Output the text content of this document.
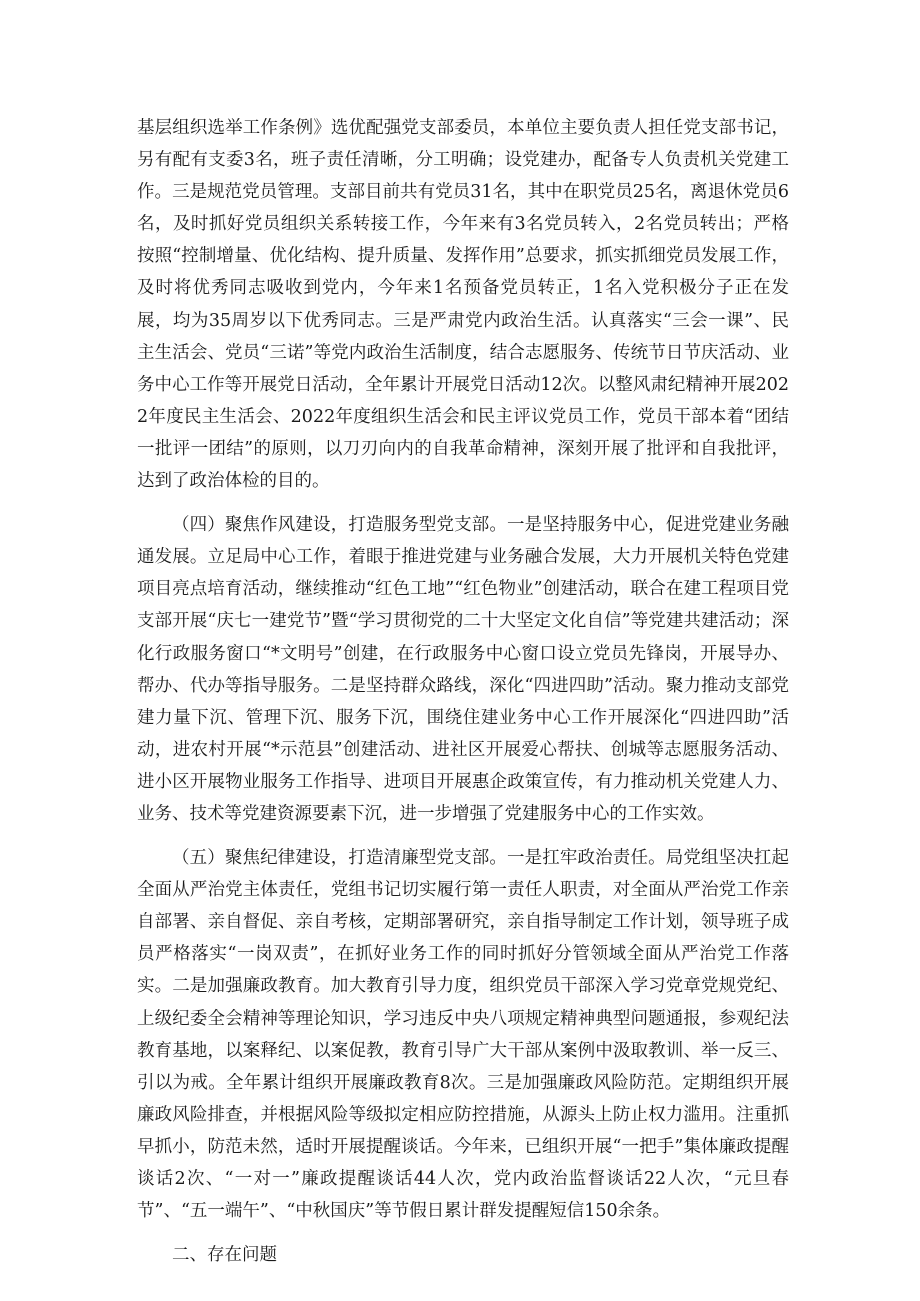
基层组织选举工作条例》选优配强党支部委员，本单位主要负责人担任党支部书记，另有配有支委3名，班子责任清晰，分工明确；设党建办，配备专人负责机关党建工作。三是规范党员管理。支部目前共有党员31名，其中在职党员25名，离退休党员6名，及时抓好党员组织关系转接工作，今年来有3名党员转入，2名党员转出；严格按照“控制增量、优化结构、提升质量、发挥作用”总要求，抓实抓细党员发展工作，及时将优秀同志吸收到党内，今年来1名预备党员转正，1名入党积极分子正在发展，均为35周岁以下优秀同志。三是严肃党内政治生活。认真落实“三会一课”、民主生活会、党员“三诺”等党内政治生活制度，结合志愿服务、传统节日节庆活动、业务中心工作等开展党日活动，全年累计开展党日活动12次。以整风肃纪精神开展2022年度民主生活会、2022年度组织生活会和民主评议党员工作，党员干部本着“团结一批评一团结”的原则，以刀刃向内的自我革命精神，深刻开展了批评和自我批评，达到了政治体检的目的。

（四）聚焦作风建设，打造服务型党支部。一是坚持服务中心，促进党建业务融通发展。立足局中心工作，着眼于推进党建与业务融合发展，大力开展机关特色党建项目亮点培育活动，继续推动“红色工地”“红色物业”创建活动，联合在建工程项目党支部开展“庆七一建党节”暨“学习贯彻党的二十大坚定文化自信”等党建共建活动；深化行政服务窗口“*文明号”创建，在行政服务中心窗口设立党员先锋岗，开展导办、帮办、代办等指导服务。二是坚持群众路线，深化“四进四助”活动。聚力推动支部党建力量下沉、管理下沉、服务下沉，围绕住建业务中心工作开展深化“四进四助”活动，进农村开展“*示范县”创建活动、进社区开展爱心帮扶、创城等志愿服务活动、进小区开展物业服务工作指导、进项目开展惠企政策宣传，有力推动机关党建人力、业务、技术等党建资源要素下沉，进一步增强了党建服务中心的工作实效。

（五）聚焦纪律建设，打造清廉型党支部。一是扛牢政治责任。局党组坚决扛起全面从严治党主体责任，党组书记切实履行第一责任人职责，对全面从严治党工作亲自部署、亲自督促、亲自考核，定期部署研究，亲自指导制定工作计划，领导班子成员严格落实“一岗双责”，在抓好业务工作的同时抓好分管领域全面从严治党工作落实。二是加强廉政教育。加大教育引导力度，组织党员干部深入学习党章党规党纪、上级纪委全会精神等理论知识，学习违反中央八项规定精神典型问题通报，参观纪法教育基地，以案释纪、以案促教，教育引导广大干部从案例中汲取教训、举一反三、引以为戒。全年累计组织开展廉政教育8次。三是加强廉政风险防范。定期组织开展廉政风险排查，并根据风险等级拟定相应防控措施，从源头上防止权力滥用。注重抓早抓小，防范未然，适时开展提醒谈话。今年来，已组织开展“一把手”集体廉政提醒谈话2次、“一对一”廉政提醒谈话44人次，党内政治监督谈话22人次，“元旦春节”、“五一端午”、“中秋国庆”等节假日累计群发提醒短信150余条。

二、存在问题
